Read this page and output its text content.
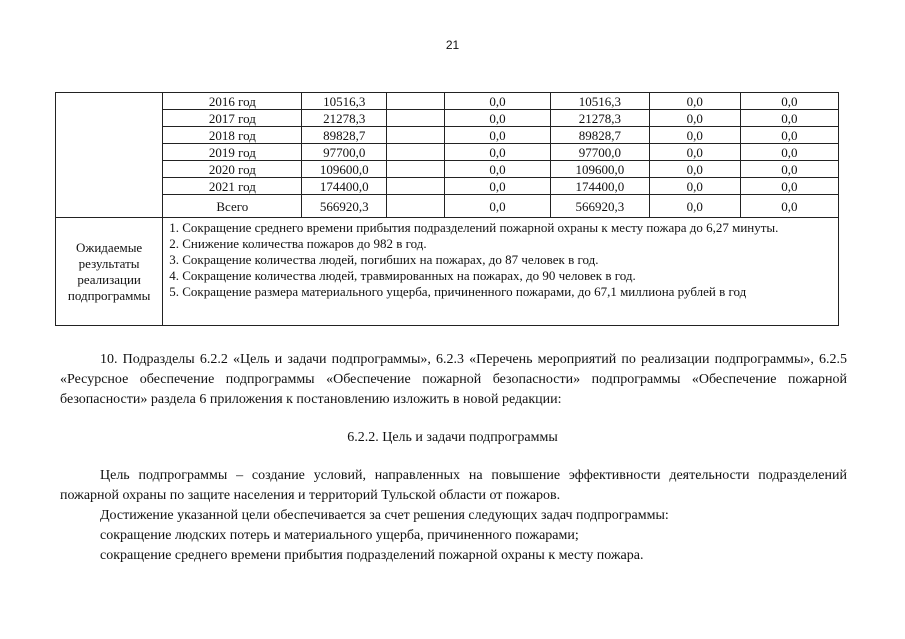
21
	2016 год	10516,3		0,0	10516,3	0,0	0,0
	2017 год	21278,3		0,0	21278,3	0,0	0,0
	2018 год	89828,7		0,0	89828,7	0,0	0,0
	2019 год	97700,0		0,0	97700,0	0,0	0,0
	2020 год	109600,0		0,0	109600,0	0,0	0,0
	2021 год	174400,0		0,0	174400,0	0,0	0,0
	Всего	566920,3		0,0	566920,3	0,0	0,0
Ожидаемые результаты реализации подпрограммы	1. Сокращение среднего времени прибытия подразделений пожарной охраны к месту пожара до 6,27 минуты.
2. Снижение количества пожаров до 982 в год.
3. Сокращение количества людей, погибших на пожарах, до 87 человек в год.
4. Сокращение количества людей, травмированных на пожарах, до 90 человек в год.
5. Сокращение размера материального ущерба, причиненного пожарами, до 67,1 миллиона рублей в год						
10. Подразделы 6.2.2 «Цель и задачи подпрограммы», 6.2.3 «Перечень мероприятий по реализации подпрограммы», 6.2.5 «Ресурсное обеспечение подпрограммы «Обеспечение пожарной безопасности» подпрограммы «Обеспечение пожарной безопасности» раздела 6 приложения к постановлению изложить в новой редакции:
6.2.2. Цель и задачи подпрограммы
Цель подпрограммы – создание условий, направленных на повышение эффективности деятельности подразделений пожарной охраны по защите населения и территорий Тульской области от пожаров.
Достижение указанной цели обеспечивается за счет решения следующих задач подпрограммы:
сокращение людских потерь и материального ущерба, причиненного пожарами;
сокращение среднего времени прибытия подразделений пожарной охраны к месту пожара.
